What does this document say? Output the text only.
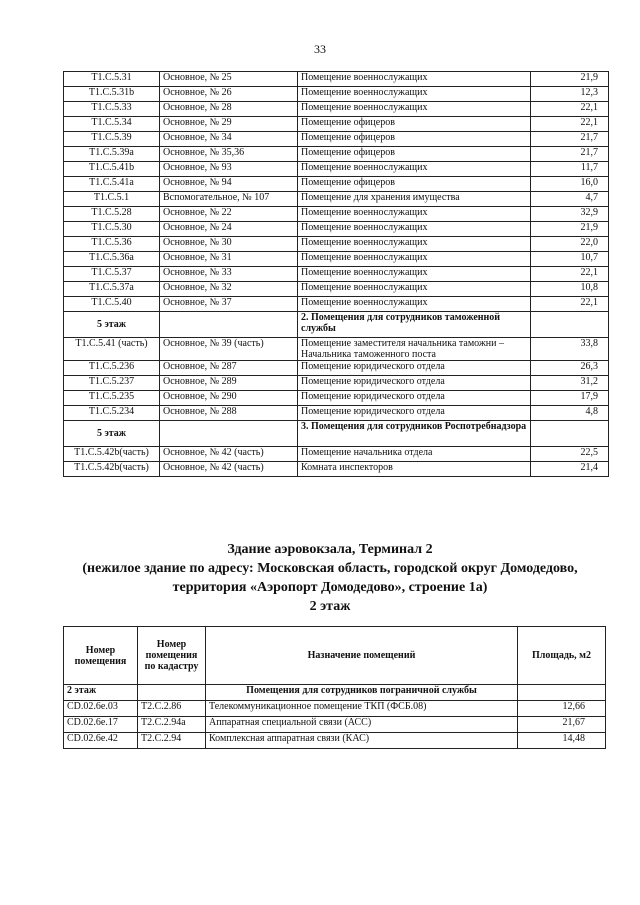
33
T1.C.5.31	Основное, № 25	Помещение военнослужащих	21,9
T1.C.5.31b	Основное, № 26	Помещение военнослужащих	12,3
T1.C.5.33	Основное, № 28	Помещение военнослужащих	22,1
T1.C.5.34	Основное, № 29	Помещение офицеров	22,1
T1.C.5.39	Основное, № 34	Помещение офицеров	21,7
T1.C.5.39a	Основное, № 35,36	Помещение офицеров	21,7
T1.C.5.41b	Основное, № 93	Помещение военнослужащих	11,7
T1.C.5.41a	Основное, № 94	Помещение офицеров	16,0
T1.C.5.1	Вспомогательное, № 107	Помещение для хранения имущества	4,7
T1.C.5.28	Основное, № 22	Помещение военнослужащих	32,9
T1.C.5.30	Основное, № 24	Помещение военнослужащих	21,9
T1.C.5.36	Основное, № 30	Помещение военнослужащих	22,0
T1.C.5.36a	Основное, № 31	Помещение военнослужащих	10,7
T1.C.5.37	Основное, № 33	Помещение военнослужащих	22,1
T1.C.5.37a	Основное, № 32	Помещение военнослужащих	10,8
T1.C.5.40	Основное, № 37	Помещение военнослужащих	22,1
5 этаж		2. Помещения для сотрудников таможенной службы	
T1.C.5.41 (часть)	Основное, № 39 (часть)	Помещение заместителя начальника таможни – Начальника таможенного поста	33,8
T1.C.5.236	Основное, № 287	Помещение юридического отдела	26,3
T1.C.5.237	Основное, № 289	Помещение юридического отдела	31,2
T1.C.5.235	Основное, № 290	Помещение юридического отдела	17,9
T1.C.5.234	Основное, № 288	Помещение юридического отдела	4,8
5 этаж		3. Помещения для сотрудников Роспотребнадзора	
T1.C.5.42b(часть)	Основное, № 42 (часть)	Помещение начальника отдела	22,5
T1.C.5.42b(часть)	Основное, № 42 (часть)	Комната инспекторов	21,4
Здание аэровокзала, Терминал 2
(нежилое здание по адресу: Московская область, городской округ Домодедово,
территория «Аэропорт Домодедово», строение 1а)
2 этаж
Номер помещения	Номер помещения по кадастру	Назначение помещений	Площадь, м2
2 этаж		Помещения для сотрудников пограничной службы	
CD.02.6e.03	T2.C.2.86	Телекоммуникационное помещение ТКП (ФСБ.08)	12,66
CD.02.6e.17	T2.C.2.94a	Аппаратная специальной связи (АСС)	21,67
CD.02.6e.42	T2.C.2.94	Комплексная аппаратная связи (КАС)	14,48
